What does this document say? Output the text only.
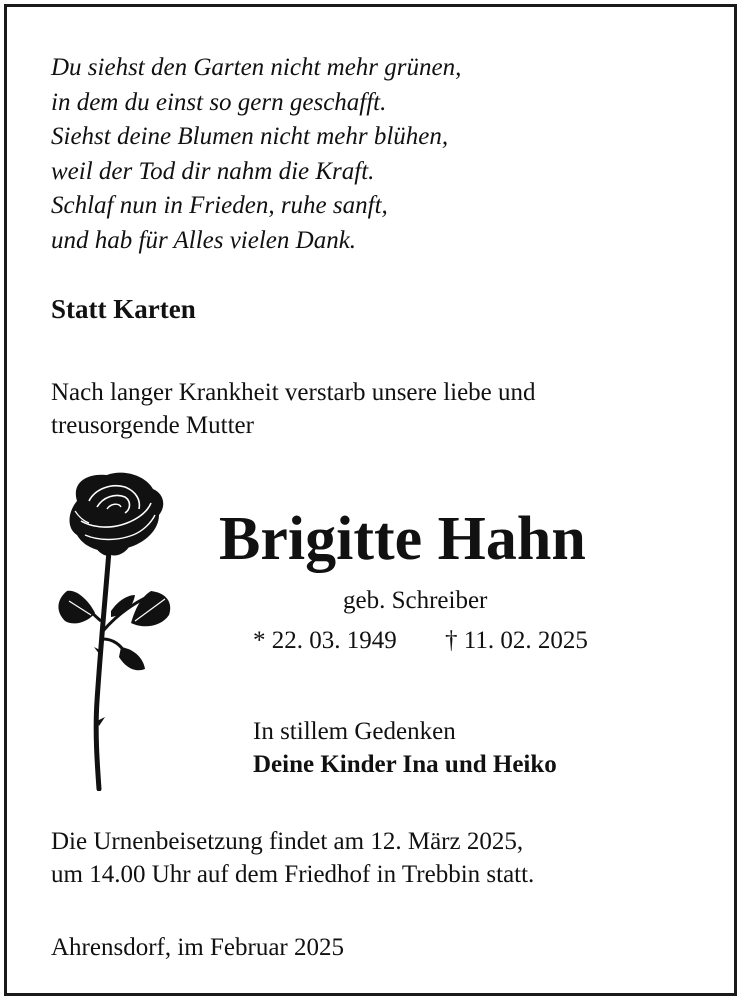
Du siehst den Garten nicht mehr grünen,
in dem du einst so gern geschafft.
Siehst deine Blumen nicht mehr blühen,
weil der Tod dir nahm die Kraft.
Schlaf nun in Frieden, ruhe sanft,
und hab für Alles vielen Dank.
Statt Karten
Nach langer Krankheit verstarb unsere liebe und
treusorgende Mutter
Brigitte Hahn
geb. Schreiber
* 22. 03. 1949 † 11. 02. 2025
In stillem Gedenken
Deine Kinder Ina und Heiko
Die Urnenbeisetzung findet am 12. März 2025,
um 14.00 Uhr auf dem Friedhof in Trebbin statt.
Ahrensdorf, im Februar 2025
